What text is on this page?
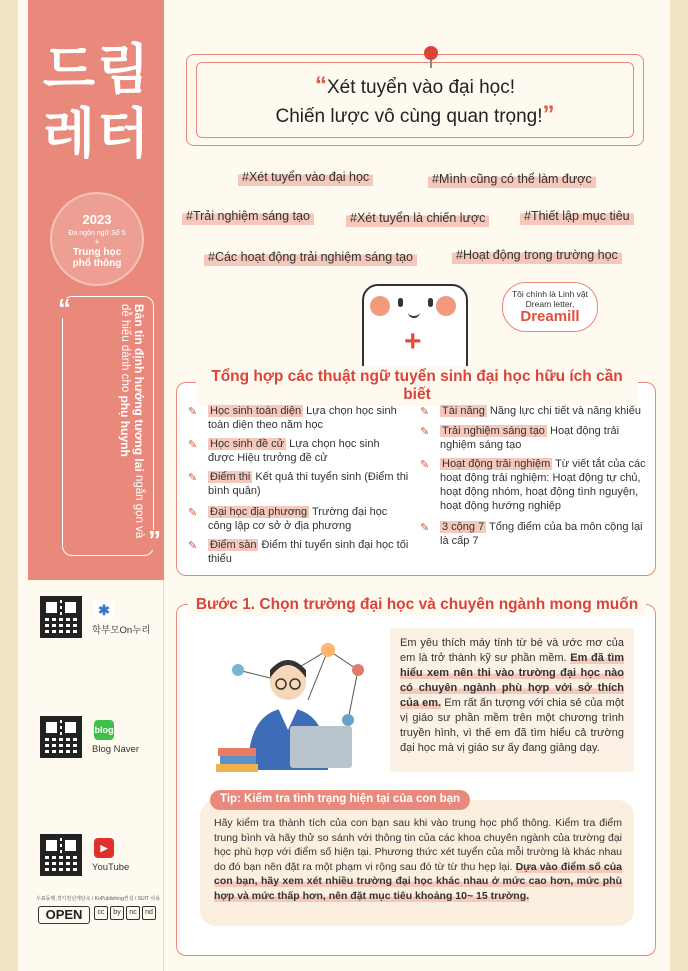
드림
레터
2023
Đa ngôn ngữ Số 5
+
Trung học phổ thông
“	Bản tin định hướng tương lai ngắn gọn và dễ hiểu dành cho phụ huynh
”
✱
학부모On누리
blog
Blog Naver
▶
YouTube
우표동행,경기천년재단소 / KoPublishing컨설 / SUIT 사용
OPEN	cc	by	nc	nd
“Xét tuyển vào đại học!
Chiến lược vô cùng quan trọng!”
#Xét tuyển vào đại học	#Mình cũng có thể làm được
#Trải nghiệm sáng tạo	#Xét tuyển là chiến lược	#Thiết lập mục tiêu
#Các hoạt động trải nghiệm sáng tạo	#Hoạt động trong trường học
+
Tôi chính là Linh vật Dream letter,
Dreamill
Tổng hợp các thuật ngữ tuyển sinh đại học hữu ích cần biết
✎ Học sinh toàn diện Lựa chọn học sinh toàn diện theo năm học
✎ Học sinh đề cử Lựa chọn học sinh được Hiệu trưởng đề cử
✎ Điểm thi Kết quả thi tuyển sinh (Điểm thi bình quân)
✎ Đại học địa phương Trường đại học công lập cơ sở ở địa phương
✎ Điểm sàn Điểm thi tuyển sinh đại học tối thiểu
✎ Tài năng Năng lực chi tiết và năng khiếu
✎ Trải nghiệm sáng tạo Hoạt động trải nghiệm sáng tạo
✎ Hoạt động trải nghiệm Từ viết tắt của các hoạt động trải nghiệm: Hoạt động tự chủ, hoạt động nhóm, hoạt động tình nguyện, hoạt động hướng nghiệp
✎ 3 cộng 7 Tổng điểm của ba môn cộng lại là cấp 7
Bước 1. Chọn trường đại học và chuyên ngành mong muốn
Em yêu thích máy tính từ bé và ước mơ của em là trở thành kỹ sư phần mềm. Em đã tìm hiểu xem nên thi vào trường đại học nào có chuyên ngành phù hợp với sở thích của em. Em rất ấn tượng với chia sẻ của một vị giáo sư phần mềm trên một chương trình truyền hình, vì thế em đã tìm hiểu cả trường đại học mà vị giáo sư ấy đang giảng dạy.
Hãy kiểm tra thành tích của con bạn sau khi vào trung học phổ thông. Kiểm tra điểm trung bình và hãy thử so sánh với thông tin của các khoa chuyên ngành của trường đại học phù hợp với điểm số hiện tại. Phương thức xét tuyển của mỗi trường là khác nhau do đó bạn nên đặt ra một phạm vi rộng sau đó từ từ thu hẹp lại. Dựa vào điểm số của con bạn, hãy xem xét nhiều trường đại học khác nhau ở mức cao hơn, mức phù hợp và mức thấp hơn, nên đặt mục tiêu khoảng 10~ 15 trường.
Tip: Kiểm tra tình trạng hiện tại của con bạn
